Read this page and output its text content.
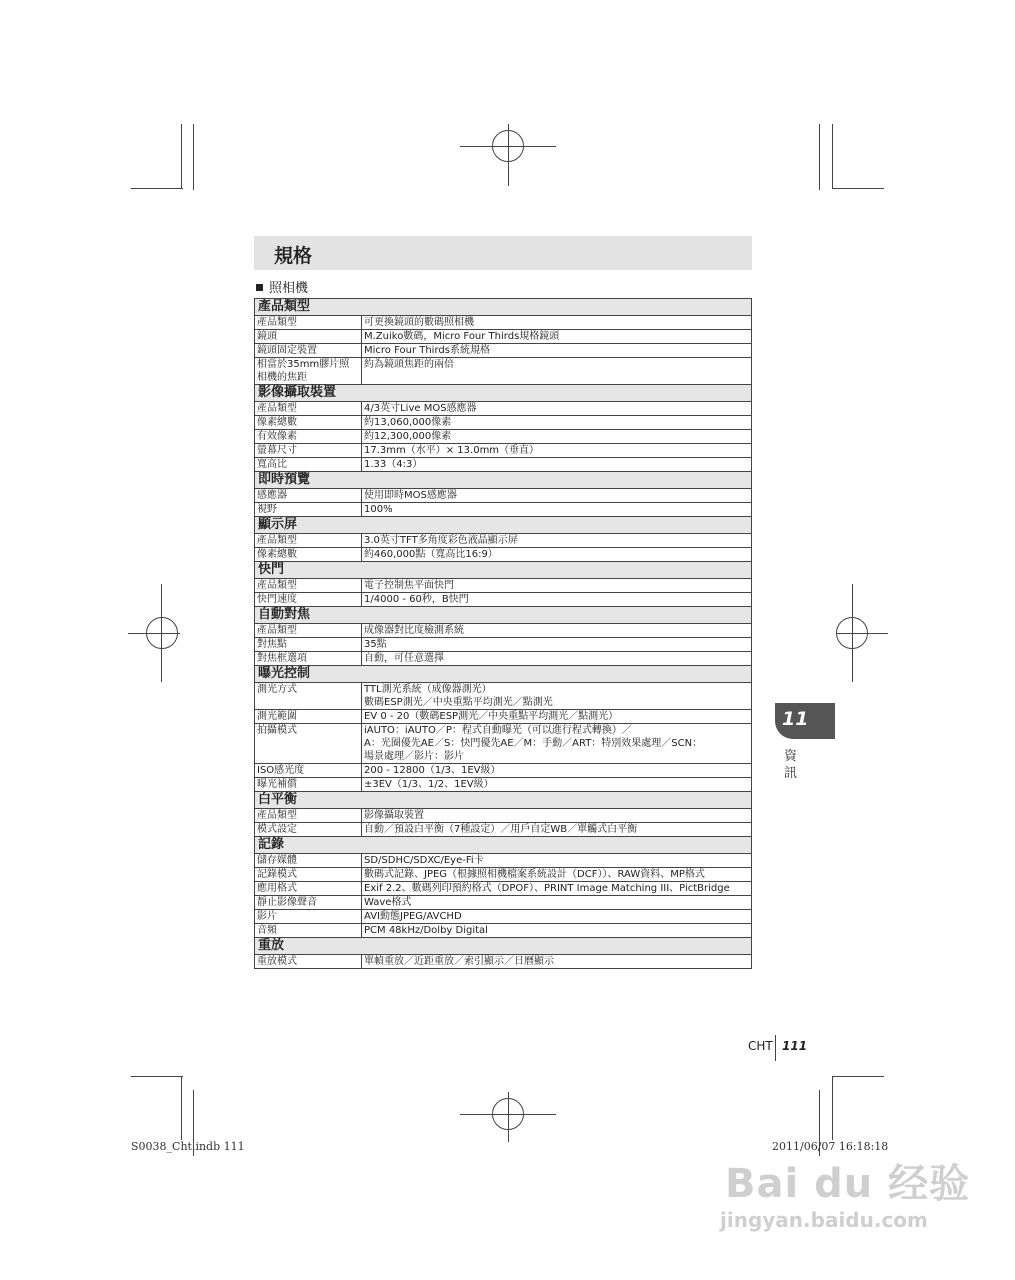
規格
照相機
產品類型	
產品類型	可更換鏡頭的數碼照相機
鏡頭	M.Zuiko數碼，Micro Four Thirds規格鏡頭
鏡頭固定裝置	Micro Four Thirds系統規格
相當於35mm膠片照相機的焦距	約為鏡頭焦距的兩倍
影像攝取裝置	
產品類型	4/3英寸Live MOS感應器
像素總數	約13,060,000像素
有效像素	約12,300,000像素
螢幕尺寸	17.3mm（水平）× 13.0mm（垂直）
寬高比	1.33（4:3）
即時預覽	
感應器	使用即時MOS感應器
視野	100%
顯示屏	
產品類型	3.0英寸TFT多角度彩色液晶顯示屏
像素總數	約460,000點（寬高比16:9）
快門	
產品類型	電子控制焦平面快門
快門速度	1/4000 - 60秒，B快門
自動對焦	
產品類型	成像器對比度檢測系統
對焦點	35點
對焦框選項	自動，可任意選擇
曝光控制	
測光方式	TTL測光系統（成像器測光）
數碼ESP測光／中央重點平均測光／點測光
測光範圍	EV 0 - 20（數碼ESP測光／中央重點平均測光／點測光）
拍攝模式	iAUTO：iAUTO／P：程式自動曝光（可以進行程式轉換）／
A：光圈優先AE／S：快門優先AE／M：手動／ART：特別效果處理／SCN：
場景處理／影片：影片
ISO感光度	200 - 12800（1/3、1EV級）
曝光補償	±3EV（1/3、1/2、1EV級）
白平衡	
產品類型	影像攝取裝置
模式設定	自動／預設白平衡（7種設定）／用戶自定WB／單觸式白平衡
記錄	
儲存媒體	SD/SDHC/SDXC/Eye-Fi卡
記錄模式	數碼式記錄、JPEG（根據照相機檔案系統設計（DCF））、RAW資料、MP格式
應用格式	Exif 2.2、數碼列印預約格式（DPOF）、PRINT Image Matching III、PictBridge
靜止影像聲音	Wave格式
影片	AVI動態JPEG/AVCHD
音頻	PCM 48kHz/Dolby Digital
重放	
重放模式	單幀重放／近距重放／索引顯示／日曆顯示
11
資訊
CHT 111
S0038_Cht.indb 111	2011/06/07 16:18:18
Bai du 经验
jingyan.baidu.com
